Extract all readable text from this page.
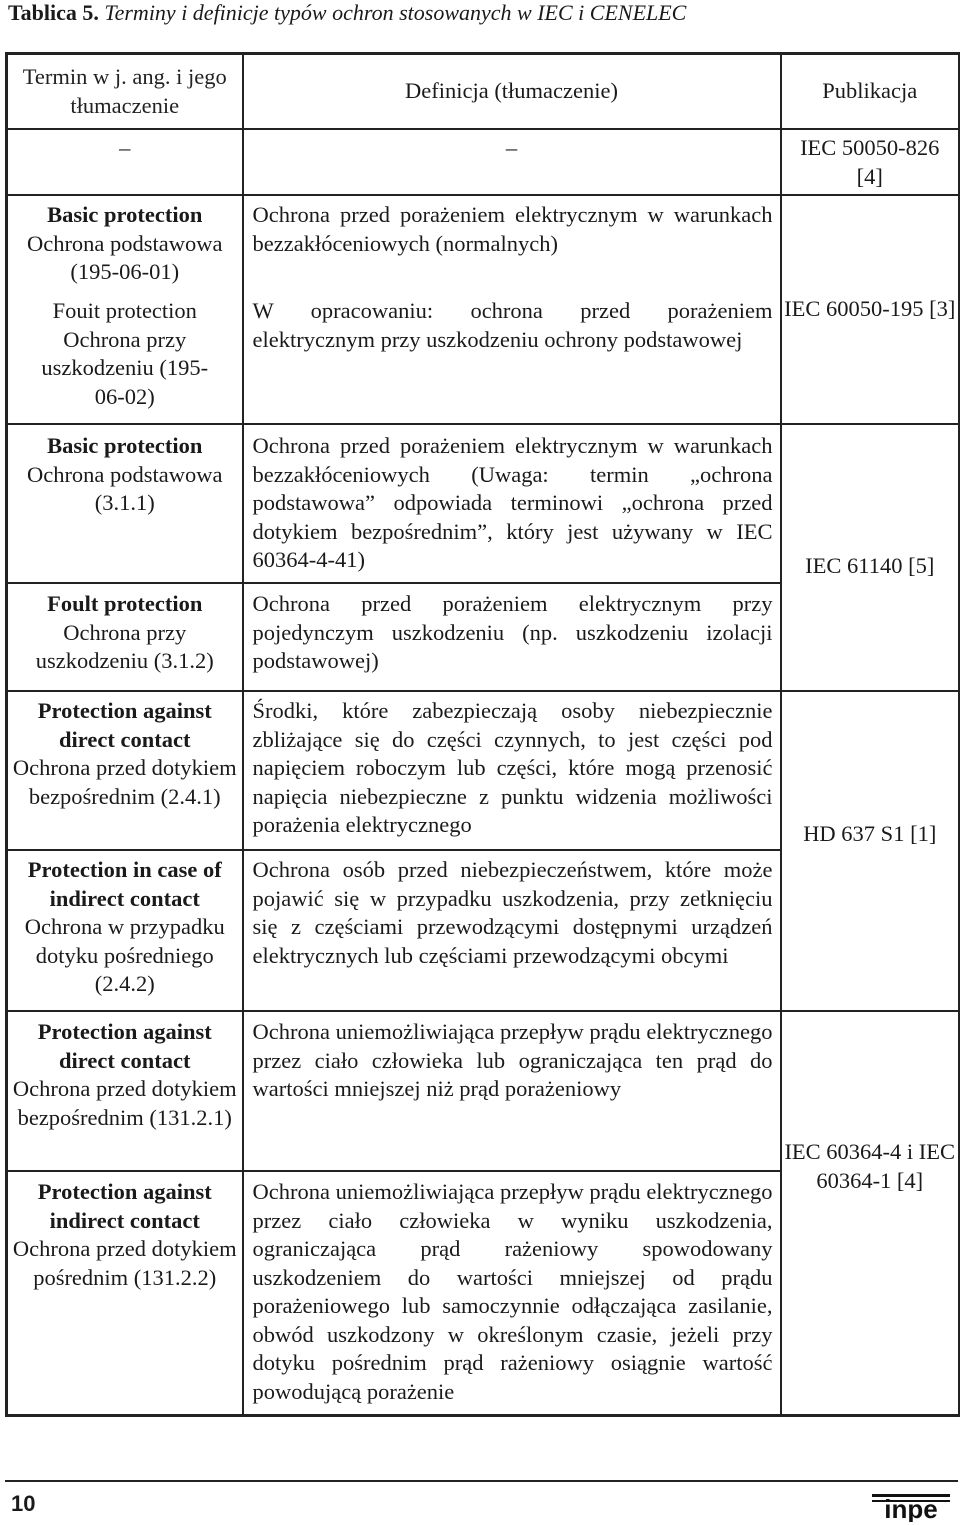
Tablica 5. Terminy i definicje typów ochron stosowanych w IEC i CENELEC
Termin w j. ang. i jego tłumaczenie	Definicja (tłumaczenie)	Publikacja
–	–	IEC 50050-826 [4]

Basic protection
Ochrona podstawowa (195-06-01)	Ochrona przed porażeniem elektrycznym w warunkach bezzakłóceniowych (normalnych)	IEC 60050-195 [3]

Fouit protection
Ochrona przy uszkodzeniu (195-06-02)	W opracowaniu: ochrona przed porażeniem elektrycznym przy uszkodzeniu ochrony podstawowej	

Basic protection
Ochrona podstawowa (3.1.1)	Ochrona przed porażeniem elektrycznym w warunkach bezzakłóceniowych (Uwaga: termin „ochrona podstawowa” odpowiada terminowi „ochrona przed dotykiem bezpośrednim”, który jest używany w IEC 60364-4-41)	IEC 61140 [5]

Foult protection
Ochrona przy uszkodzeniu (3.1.2)	Ochrona przed porażeniem elektrycznym przy pojedynczym uszkodzeniu (np. uszkodzeniu izolacji podstawowej)	

Protection against direct contact
Ochrona przed dotykiem bezpośrednim (2.4.1)	Środki, które zabezpieczają osoby niebezpiecznie zbliżające się do części czynnych, to jest części pod napięciem roboczym lub części, które mogą przenosić napięcia niebezpieczne z punktu widzenia możliwości porażenia elektrycznego	HD 637 S1 [1]

Protection in case of indirect contact
Ochrona w przypadku dotyku pośredniego (2.4.2)	Ochrona osób przed niebezpieczeństwem, które może pojawić się w przypadku uszkodzenia, przy zetknięciu się z częściami przewodzącymi dostępnymi urządzeń elektrycznych lub częściami przewodzącymi obcymi	

Protection against direct contact
Ochrona przed dotykiem bezpośrednim (131.2.1)	Ochrona uniemożliwiająca przepływ prądu elektrycznego przez ciało człowieka lub ograniczająca ten prąd do wartości mniejszej niż prąd porażeniowy	IEC 60364-4 i IEC 60364-1 [4]

Protection against indirect contact
Ochrona przed dotykiem pośrednim (131.2.2)	Ochrona uniemożliwiająca przepływ prądu elektrycznego przez ciało człowieka w wyniku uszkodzenia, ograniczająca prąd rażeniowy spowodowany uszkodzeniem do wartości mniejszej od prądu porażeniowego lub samoczynnie odłączająca zasilanie, obwód uszkodzony w określonym czasie, jeżeli przy dotyku pośrednim prąd rażeniowy osiągnie wartość powodującą porażenie	
10	inpe
